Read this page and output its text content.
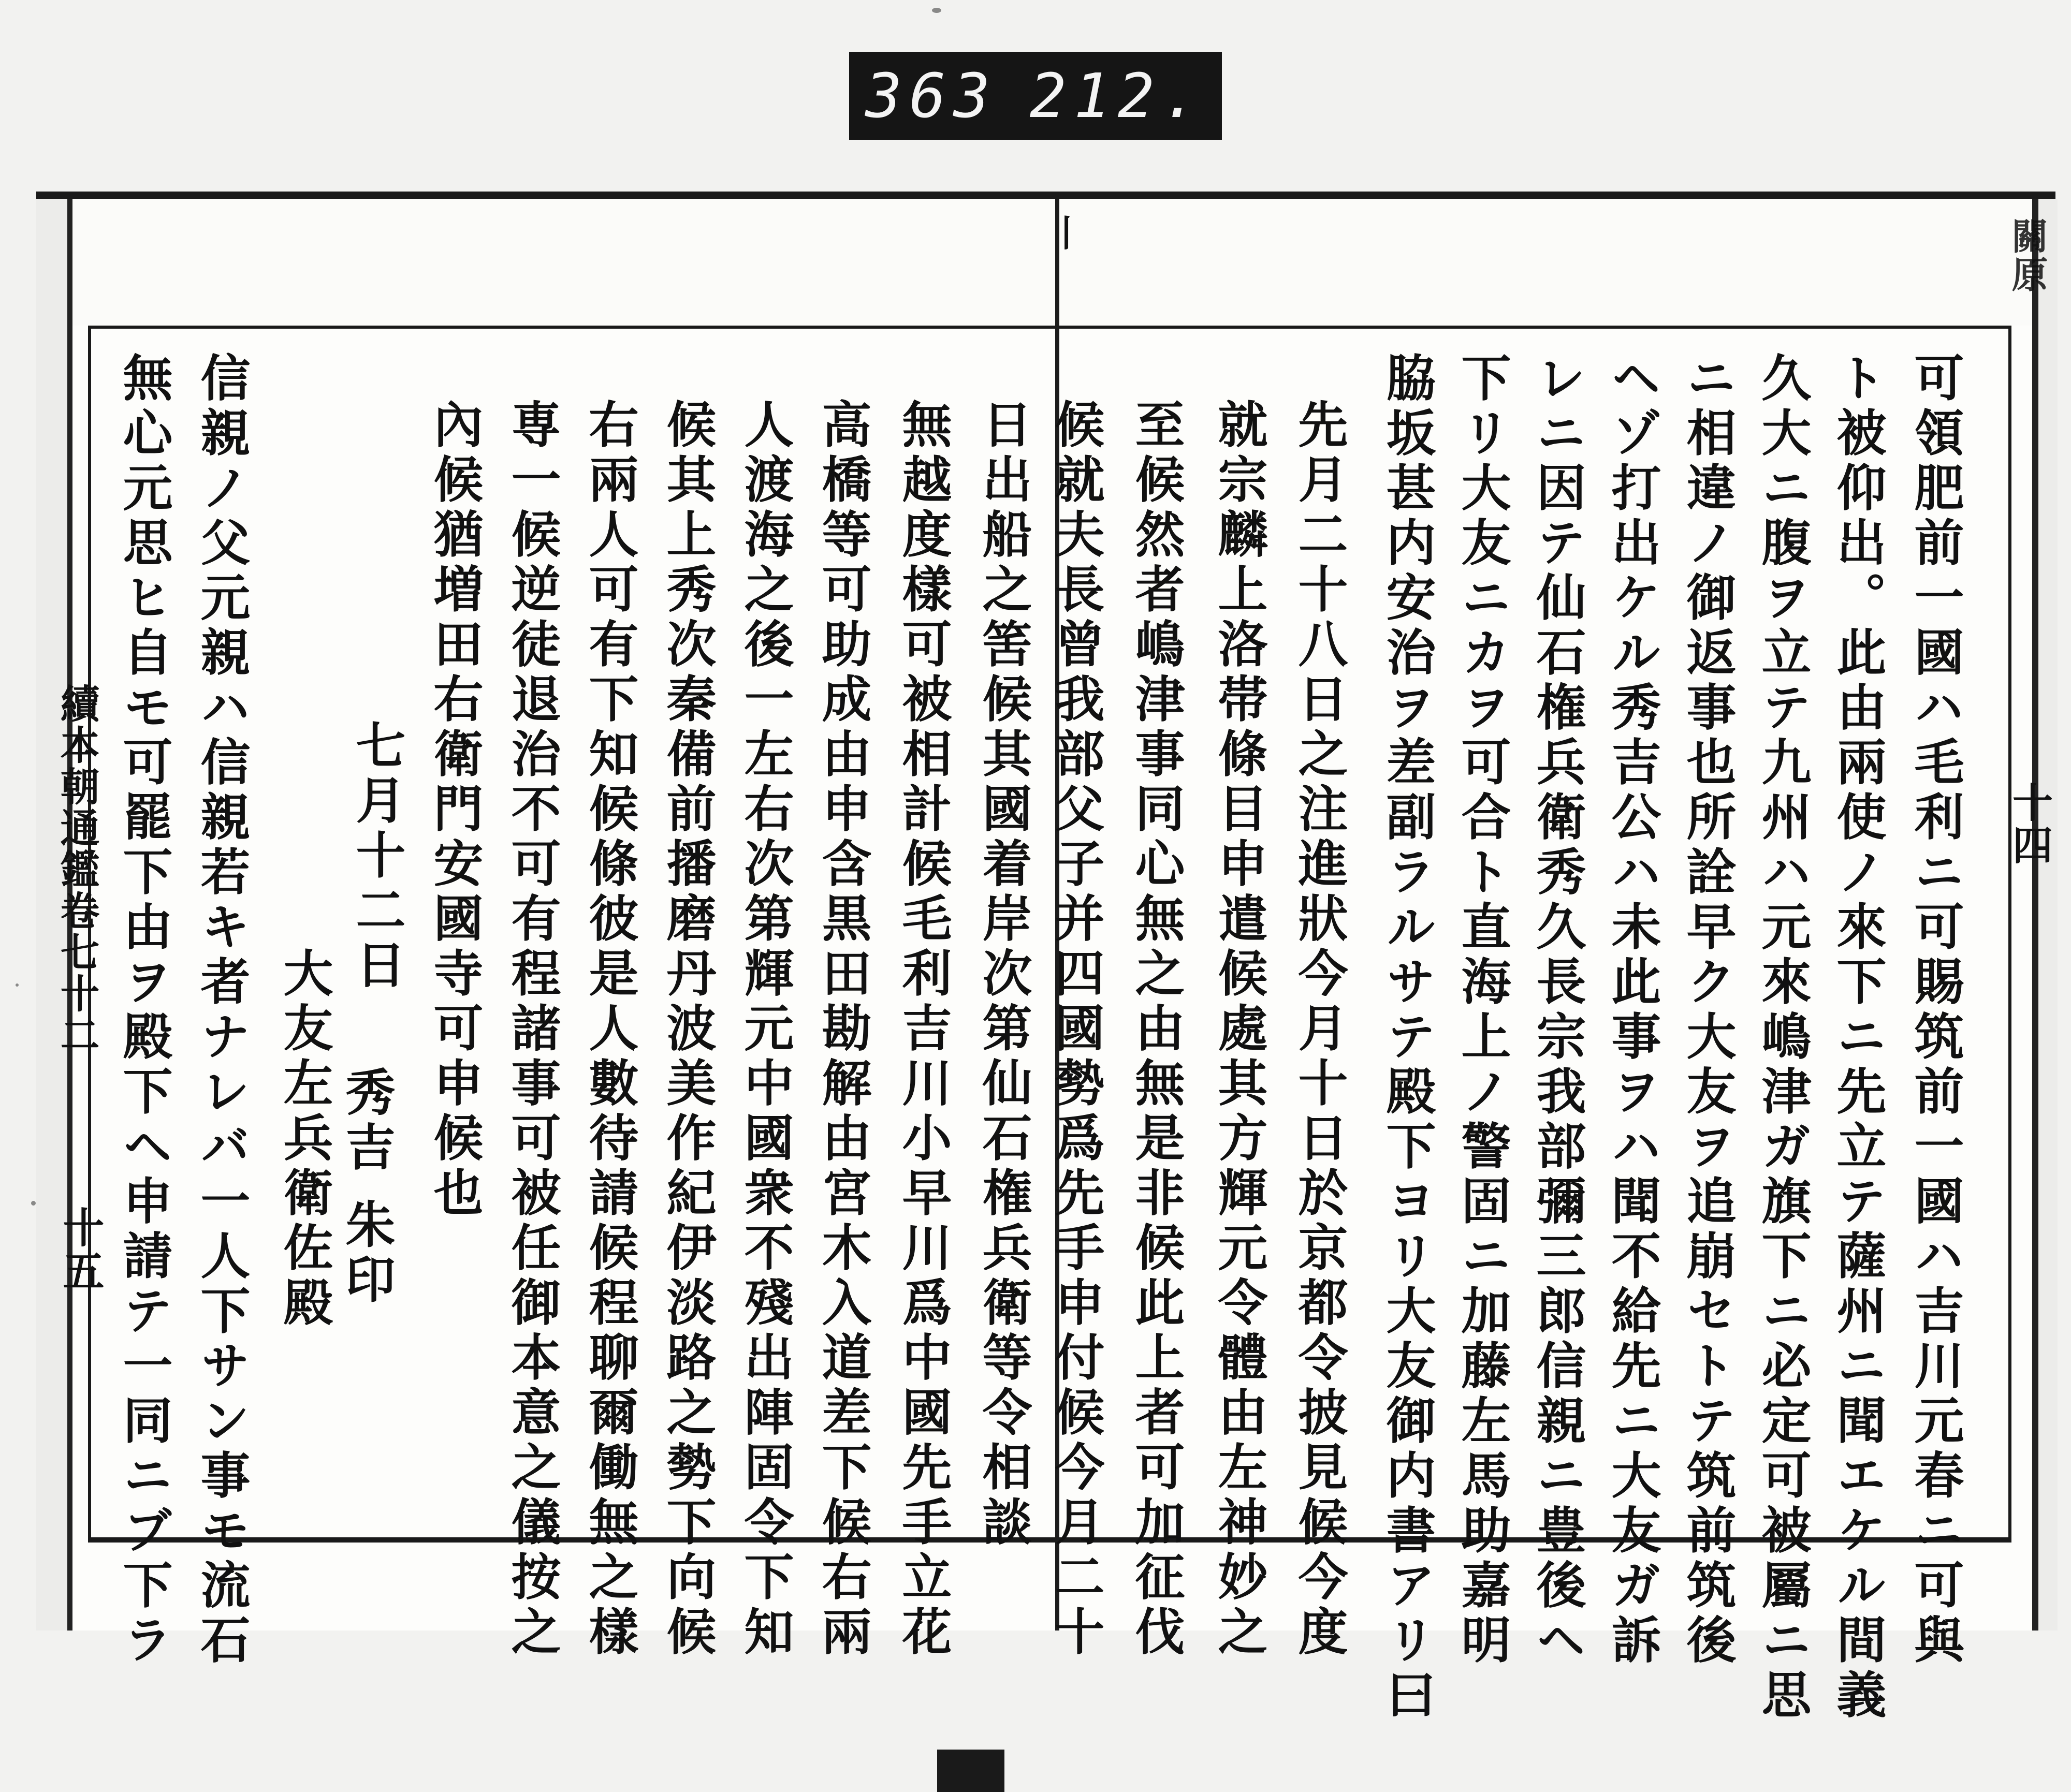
363 212.
丨
續本朝通鑑卷七十二
十五
關原
十四
可領肥前一國ハ毛利ニ可賜筑前一國ハ吉川元春ニ可與
ト被仰出。此由兩使ノ來下ニ先立テ薩州ニ聞エケル間義
久大ニ腹ヲ立テ九州ハ元來嶋津ガ旗下ニ必定可被屬ニ思
ニ相違ノ御返事也所詮早ク大友ヲ追崩セトテ筑前筑後
ヘゾ打出ケル秀吉公ハ未此事ヲハ聞不給先ニ大友ガ訴
レニ因テ仙石権兵衛秀久長宗我部彌三郎信親ニ豊後ヘ
下リ大友ニカヲ可合ト直海上ノ警固ニ加藤左馬助嘉明
脇坂甚内安治ヲ差副ラルサテ殿下ヨリ大友御内書アリ曰
先月二十八日之注進狀今月十日於京都令披見候今度
就宗麟上洛帯條目申遣候處其方輝元令體由左神妙之
至候然者嶋津事同心無之由無是非候此上者可加征伐
候就夫長曾我部父子并四國勢爲先手申付候今月二十
日出船之筈候其國着岸次第仙石権兵衛等令相談
無越度樣可被相計候毛利吉川小早川爲中國先手立花
高橋等可助成由申含黒田勘解由宮木入道差下候右兩
人渡海之後一左右次第輝元中國衆不殘出陣固令下知
右兩人可有下知候條彼是人數待請候程聊爾働無之樣
専一候逆徒退治不可有程諸事可被任御本意之儀按之 候其上秀次秦備前播磨丹波美作紀伊淡路之勢下向候
內候猶増田右衛門安國寺可申候也
七月十二日
秀吉 朱印
大友左兵衛佐殿
信親ノ父元親ハ信親若キ者ナレバ一人下サン事モ流石
無心元思ヒ自モ可罷下由ヲ殿下ヘ申請テ一同ニブ下ラ
